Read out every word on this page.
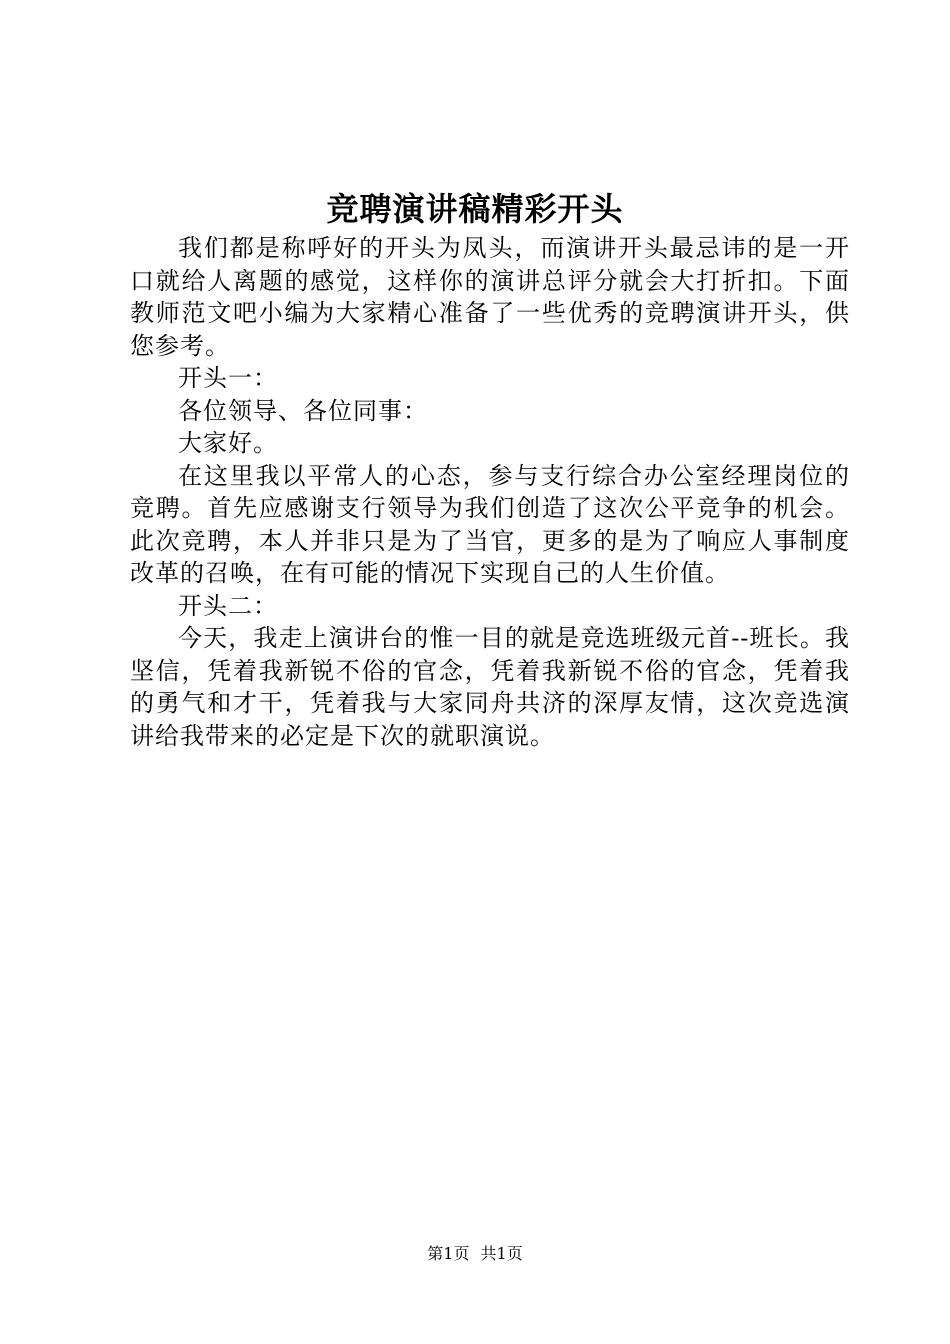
竞聘演讲稿精彩开头

我们都是称呼好的开头为凤头，而演讲开头最忌讳的是一开口就给人离题的感觉，这样你的演讲总评分就会大打折扣。下面教师范文吧小编为大家精心准备了一些优秀的竞聘演讲开头，供您参考。

开头一：

各位领导、各位同事：

大家好。

在这里我以平常人的心态，参与支行综合办公室经理岗位的竞聘。首先应感谢支行领导为我们创造了这次公平竞争的机会。此次竞聘，本人并非只是为了当官，更多的是为了响应人事制度改革的召唤，在有可能的情况下实现自己的人生价值。

开头二：

今天，我走上演讲台的惟一目的就是竞选班级元首--班长。我坚信，凭着我新锐不俗的官念，凭着我新锐不俗的官念，凭着我的勇气和才干，凭着我与大家同舟共济的深厚友情，这次竞选演讲给我带来的必定是下次的就职演说。

第1页 共1页
